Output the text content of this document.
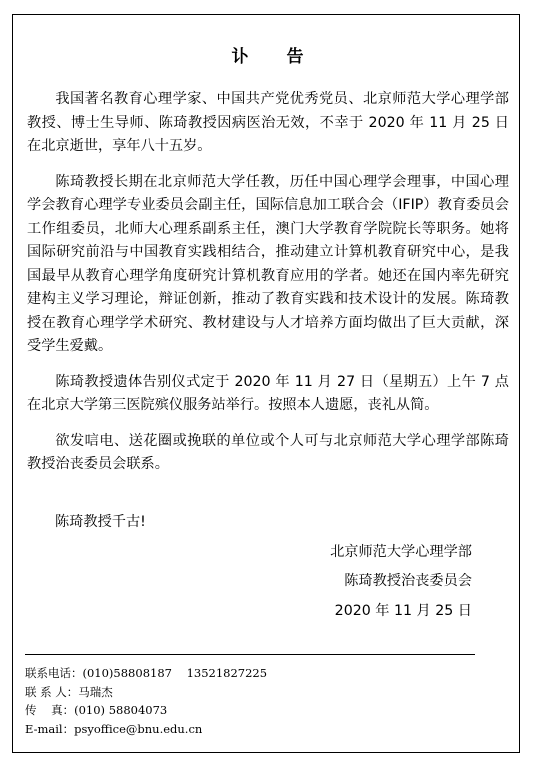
讣告

我国著名教育心理学家、中国共产党优秀党员、北京师范大学心理学部教授、博士生导师、陈琦教授因病医治无效，不幸于 2020 年 11 月 25 日在北京逝世，享年八十五岁。

陈琦教授长期在北京师范大学任教，历任中国心理学会理事，中国心理学会教育心理学专业委员会副主任，国际信息加工联合会（IFIP）教育委员会工作组委员，北师大心理系副系主任，澳门大学教育学院院长等职务。她将国际研究前沿与中国教育实践相结合，推动建立计算机教育研究中心，是我国最早从教育心理学角度研究计算机教育应用的学者。她还在国内率先研究建构主义学习理论，辩证创新，推动了教育实践和技术设计的发展。陈琦教授在教育心理学学术研究、教材建设与人才培养方面均做出了巨大贡献，深受学生爱戴。

陈琦教授遗体告别仪式定于 2020 年 11 月 27 日（星期五）上午 7 点在北京大学第三医院殡仪服务站举行。按照本人遗愿，丧礼从简。

欲发唁电、送花圈或挽联的单位或个人可与北京师范大学心理学部陈琦教授治丧委员会联系。

陈琦教授千古!
北京师范大学心理学部
陈琦教授治丧委员会
2020 年 11 月 25 日
联系电话：(010)58808187    13521827225
联 系 人：马瑞杰
传    真：(010) 58804073
E-mail：psyoffice@bnu.edu.cn
